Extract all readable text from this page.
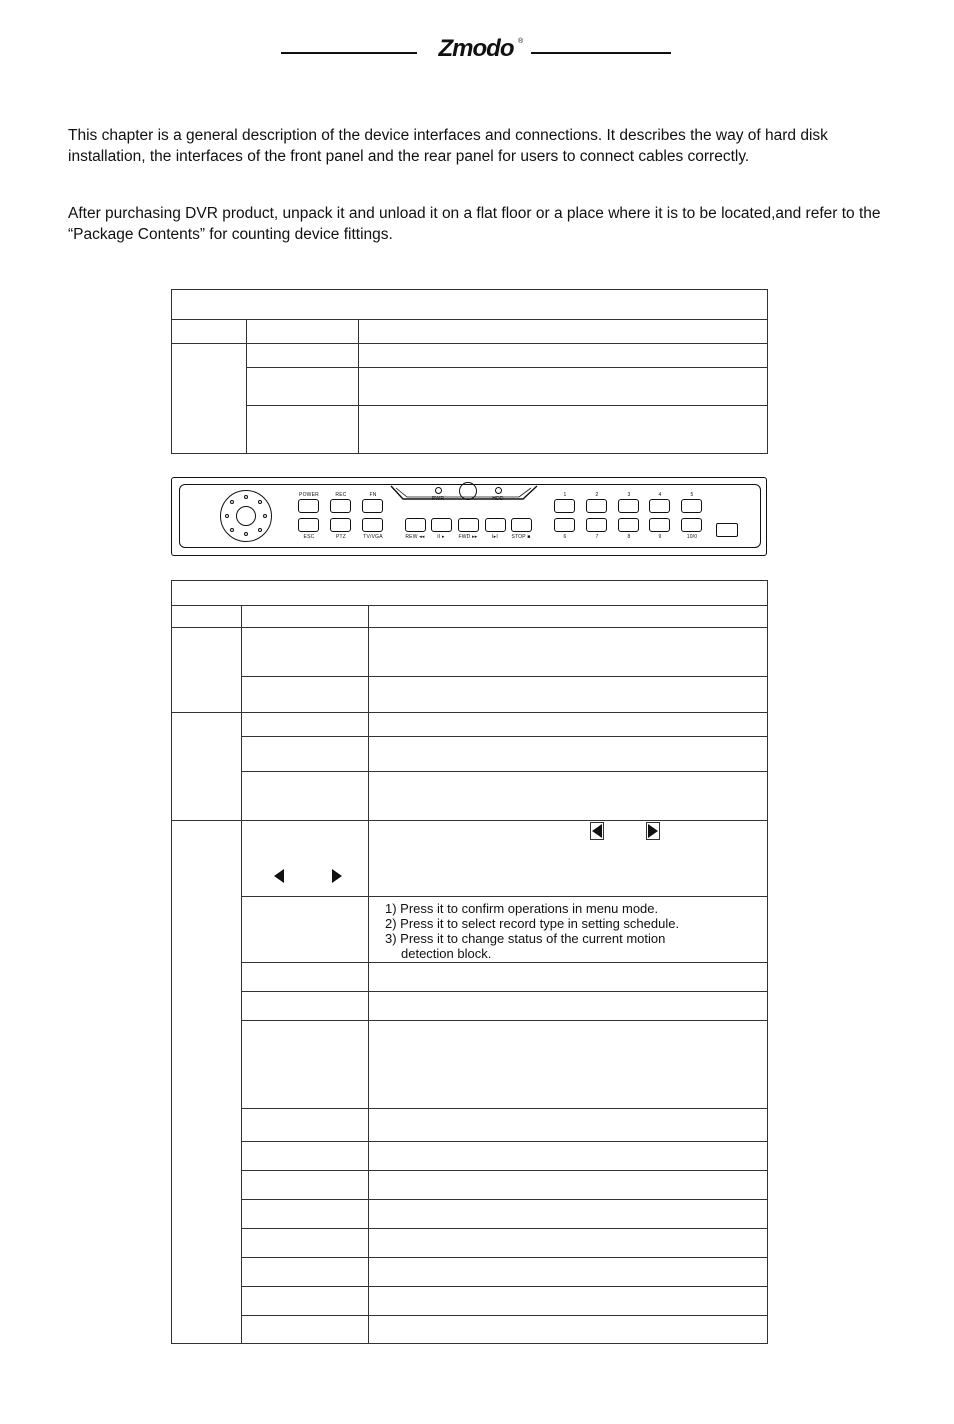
Zmodo ®
This chapter is a general description of the device interfaces and connections. It describes the way of hard disk installation, the interfaces of the front panel and the rear panel for users to connect cables correctly.
After purchasing DVR product, unpack it and unload it on a flat floor or a place where it is to be located,and refer to the “Package Contents” for counting device fittings.

POWER	REC	FN
ESC	PTZ	TV/VGA
PWR	HDD
REW ◂◂	II ▸	FWD ▸▸	I▸I	STOP ■
1	2	3	4	5
6	7	8	9	10/0

		1) Press it to confirm operations in menu mode.
2) Press it to select record type in setting schedule.
3) Press it to change status of the current motion
detection block.
